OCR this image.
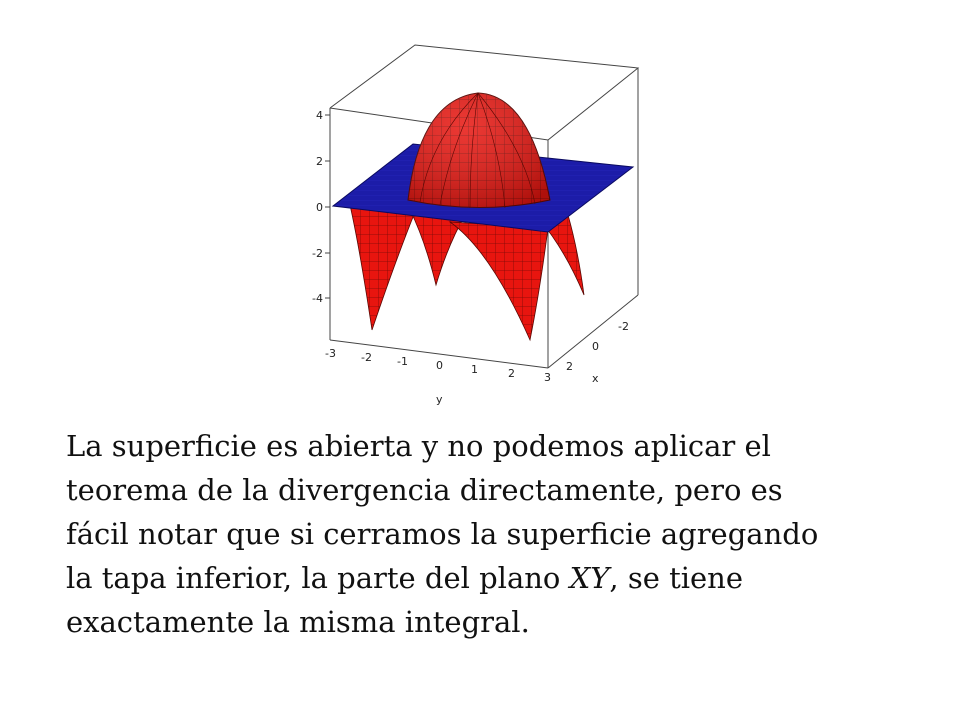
4
2
0
-2
-4
-3 -2 -1	0	1	2	3
y
-2
0
2
x
La superficie es abierta y no podemos aplicar el
teorema de la divergencia directamente, pero es
fácil notar que si cerramos la superficie agregando
la tapa inferior, la parte del plano XY, se tiene
exactamente la misma integral.
